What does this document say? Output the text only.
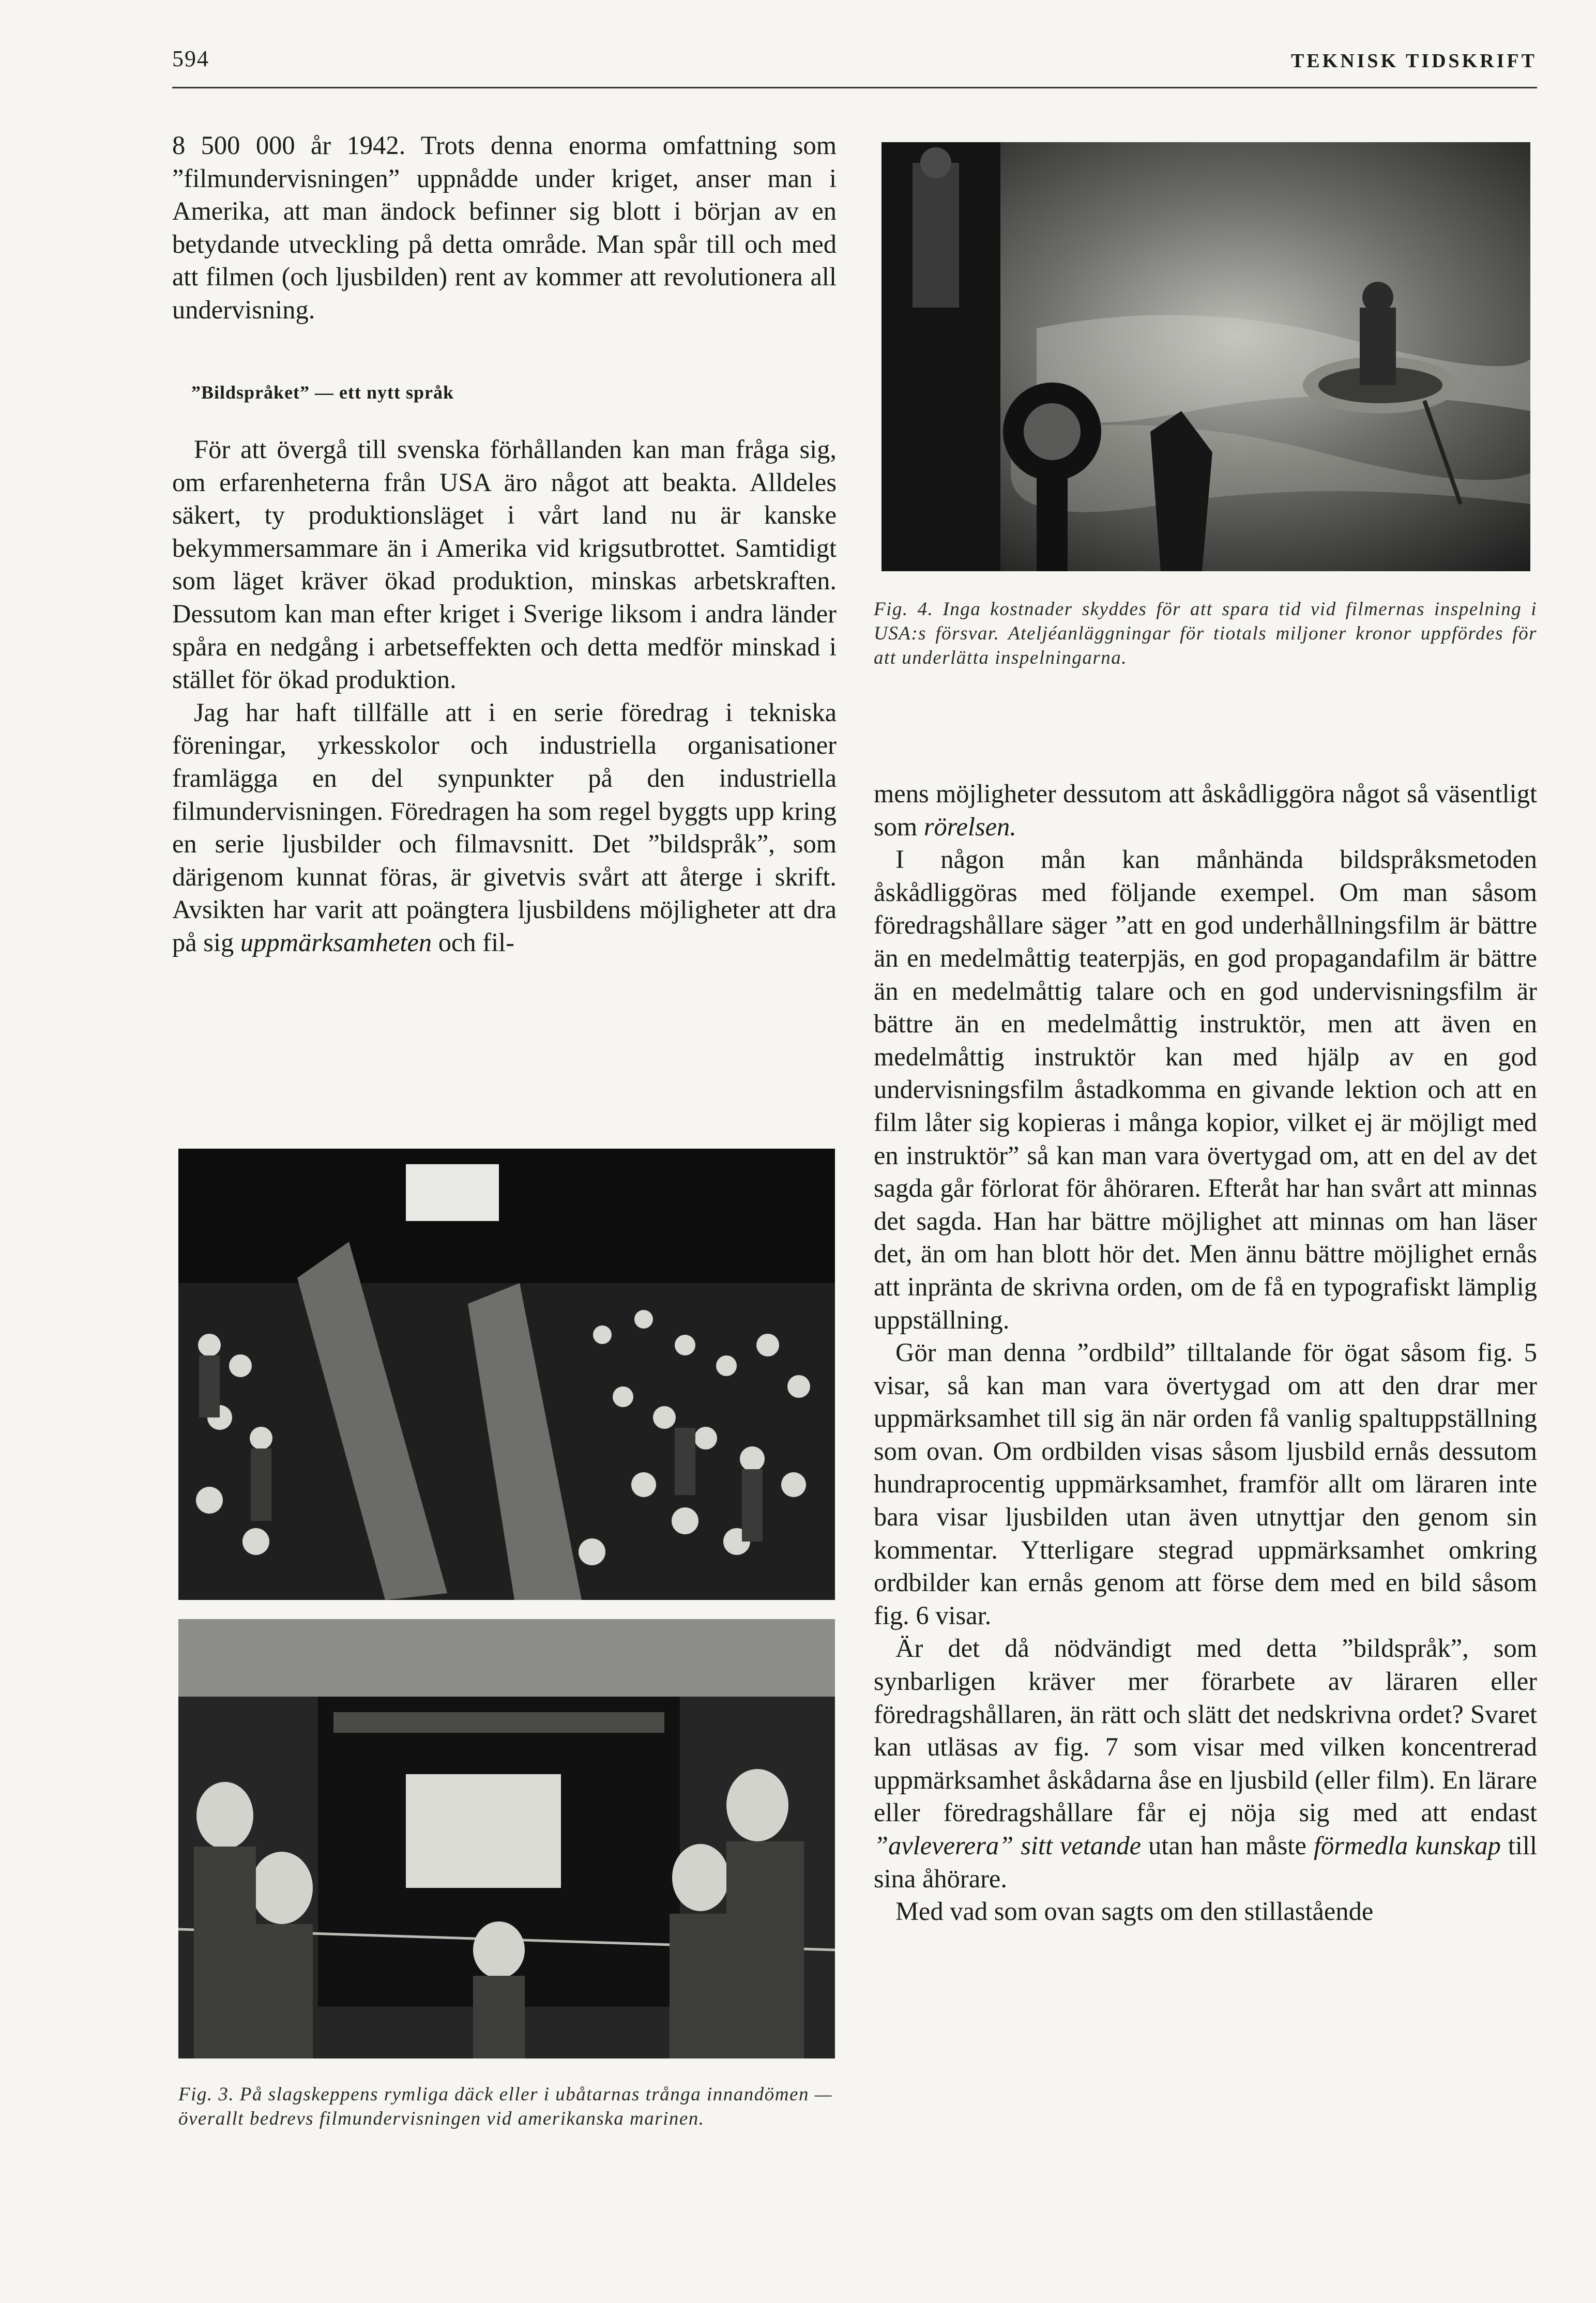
594	TEKNISK TIDSKRIFT

8 500 000 år 1942. Trots denna enorma omfattning som ”filmundervisningen” uppnådde under kriget, anser man i Amerika, att man ändock befinner sig blott i början av en betydande utveckling på detta område. Man spår till och med att filmen (och ljusbilden) rent av kommer att revolutionera all undervisning.

”Bildspråket” — ett nytt språk

För att övergå till svenska förhållanden kan man fråga sig, om erfarenheterna från USA äro något att beakta. Alldeles säkert, ty produktionsläget i vårt land nu är kanske bekymmersammare än i Amerika vid krigsutbrottet. Samtidigt som läget kräver ökad produktion, minskas arbetskraften. Dessutom kan man efter kriget i Sverige liksom i andra länder spåra en nedgång i arbetseffekten och detta medför minskad i stället för ökad produktion.

Jag har haft tillfälle att i en serie föredrag i tekniska föreningar, yrkesskolor och industriella organisationer framlägga en del synpunkter på den industriella filmundervisningen. Föredragen ha som regel byggts upp kring en serie ljusbilder och filmavsnitt. Det ”bildspråk”, som därigenom kunnat föras, är givetvis svårt att återge i skrift. Avsikten har varit att poängtera ljusbildens möjligheter att dra på sig uppmärksamheten och fil-

Fig. 4. Inga kostnader skyddes för att spara tid vid filmernas inspelning i USA:s försvar. Ateljéanläggningar för tiotals miljoner kronor uppfördes för att underlätta inspelningarna.

mens möjligheter dessutom att åskådliggöra något så väsentligt som rörelsen.

I någon mån kan månhända bildspråksmetoden åskådliggöras med följande exempel. Om man såsom föredragshållare säger ”att en god underhållningsfilm är bättre än en medelmåttig teaterpjäs, en god propagandafilm är bättre än en medelmåttig talare och en god undervisningsfilm är bättre än en medelmåttig instruktör, men att även en medelmåttig instruktör kan med hjälp av en god undervisningsfilm åstadkomma en givande lektion och att en film låter sig kopieras i många kopior, vilket ej är möjligt med en instruktör” så kan man vara övertygad om, att en del av det sagda går förlorat för åhöraren. Efteråt har han svårt att minnas det sagda. Han har bättre möjlighet att minnas om han läser det, än om han blott hör det. Men ännu bättre möjlighet ernås att inpränta de skrivna orden, om de få en typografiskt lämplig uppställning.

Gör man denna ”ordbild” tilltalande för ögat såsom fig. 5 visar, så kan man vara övertygad om att den drar mer uppmärksamhet till sig än när orden få vanlig spaltuppställning som ovan. Om ordbilden visas såsom ljusbild ernås dessutom hundraprocentig uppmärksamhet, framför allt om läraren inte bara visar ljusbilden utan även utnyttjar den genom sin kommentar. Ytterligare stegrad uppmärksamhet omkring ordbilder kan ernås genom att förse dem med en bild såsom fig. 6 visar.

Är det då nödvändigt med detta ”bildspråk”, som synbarligen kräver mer förarbete av läraren eller föredragshållaren, än rätt och slätt det nedskrivna ordet? Svaret kan utläsas av fig. 7 som visar med vilken koncentrerad uppmärksamhet åskådarna åse en ljusbild (eller film). En lärare eller föredragshållare får ej nöja sig med att endast ”avleverera” sitt vetande utan han måste förmedla kunskap till sina åhörare.

Med vad som ovan sagts om den stillastående

Fig. 3. På slagskeppens rymliga däck eller i ubåtarnas trånga innandömen — överallt bedrevs filmundervisningen vid amerikanska marinen.
